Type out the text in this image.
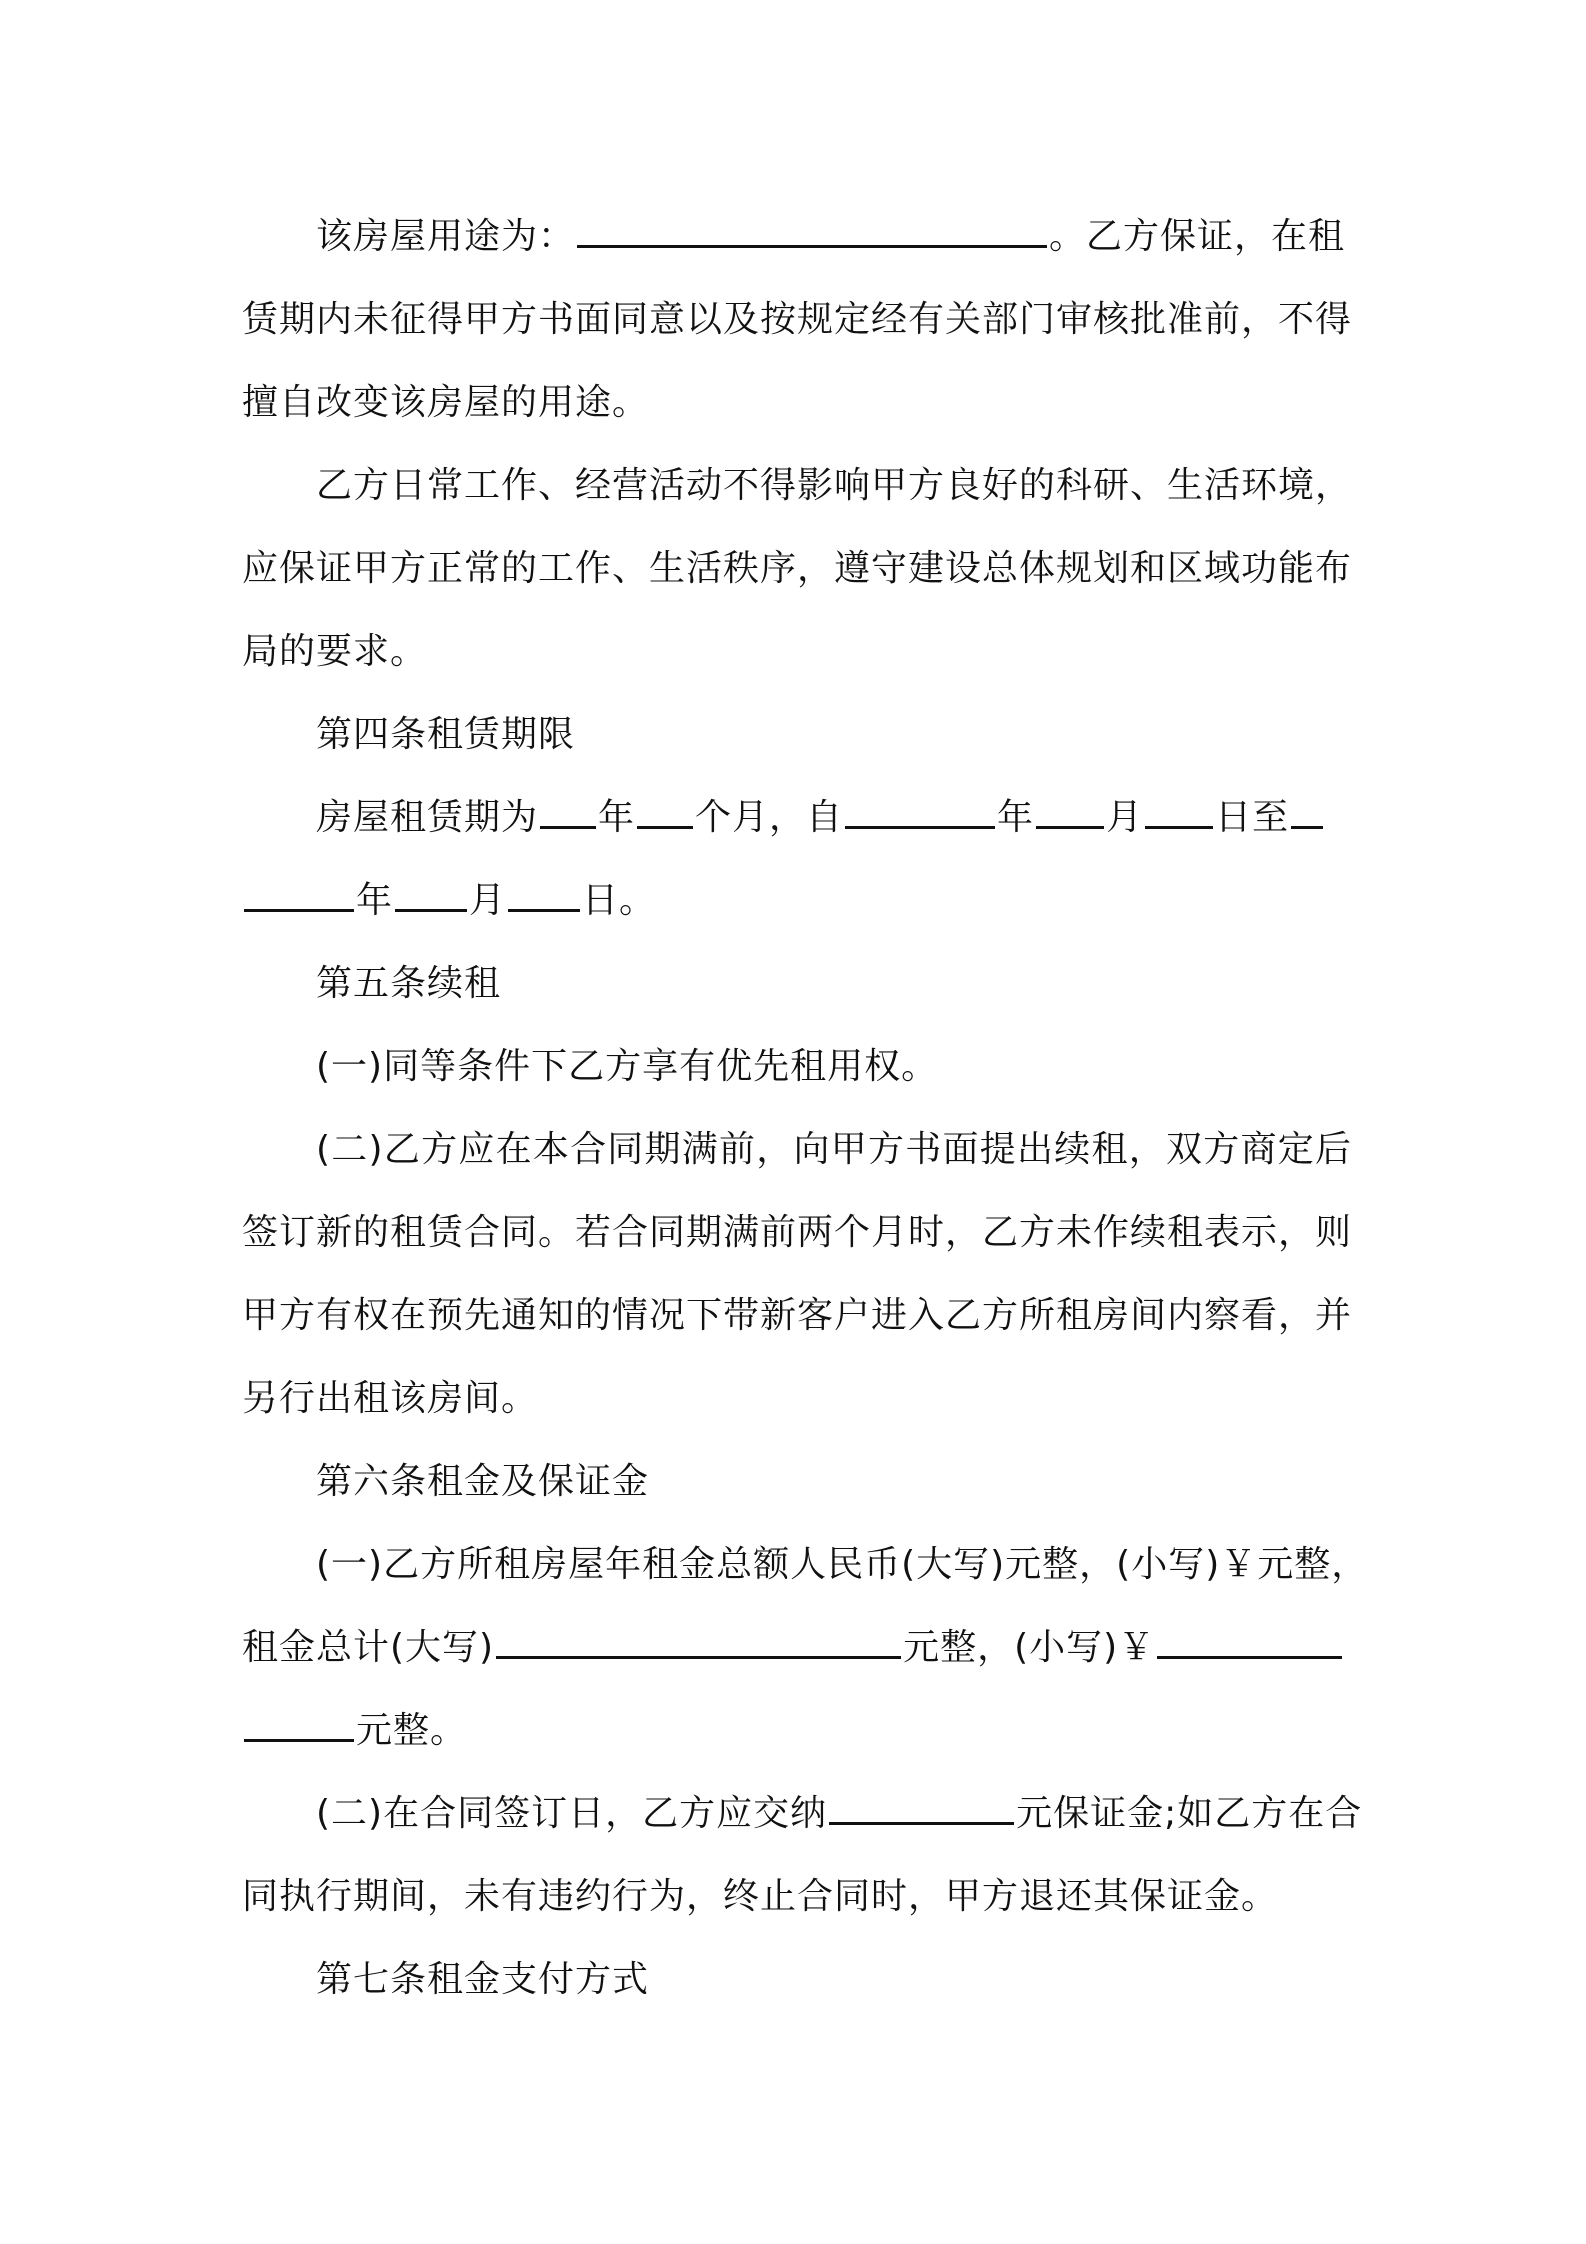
该房屋用途为：	。乙方保证，在租

赁期内未征得甲方书面同意以及按规定经有关部门审核批准前，不得

擅自改变该房屋的用途。

乙方日常工作、经营活动不得影响甲方良好的科研、生活环境，应保证甲方正常的工作、生活秩序，遵守建设总体规划和区域功能布局的要求。

第四条租赁期限

房屋租赁期为 年 个月，自	年 月 日至

年 月 日。

第五条续租

(一)同等条件下乙方享有优先租用权。

(二)乙方应在本合同期满前，向甲方书面提出续租，双方商定后签订新的租赁合同。若合同期满前两个月时，乙方未作续租表示，则甲方有权在预先通知的情况下带新客户进入乙方所租房间内察看，并另行出租该房间。

第六条租金及保证金

(一)乙方所租房屋年租金总额人民币(大写)元整，(小写)￥元整，

租金总计(大写)	元整，(小写)￥

元整。

(二)在合同签订日，乙方应交纳	元保证金;如乙方在合

同执行期间，未有违约行为，终止合同时，甲方退还其保证金。

第七条租金支付方式
